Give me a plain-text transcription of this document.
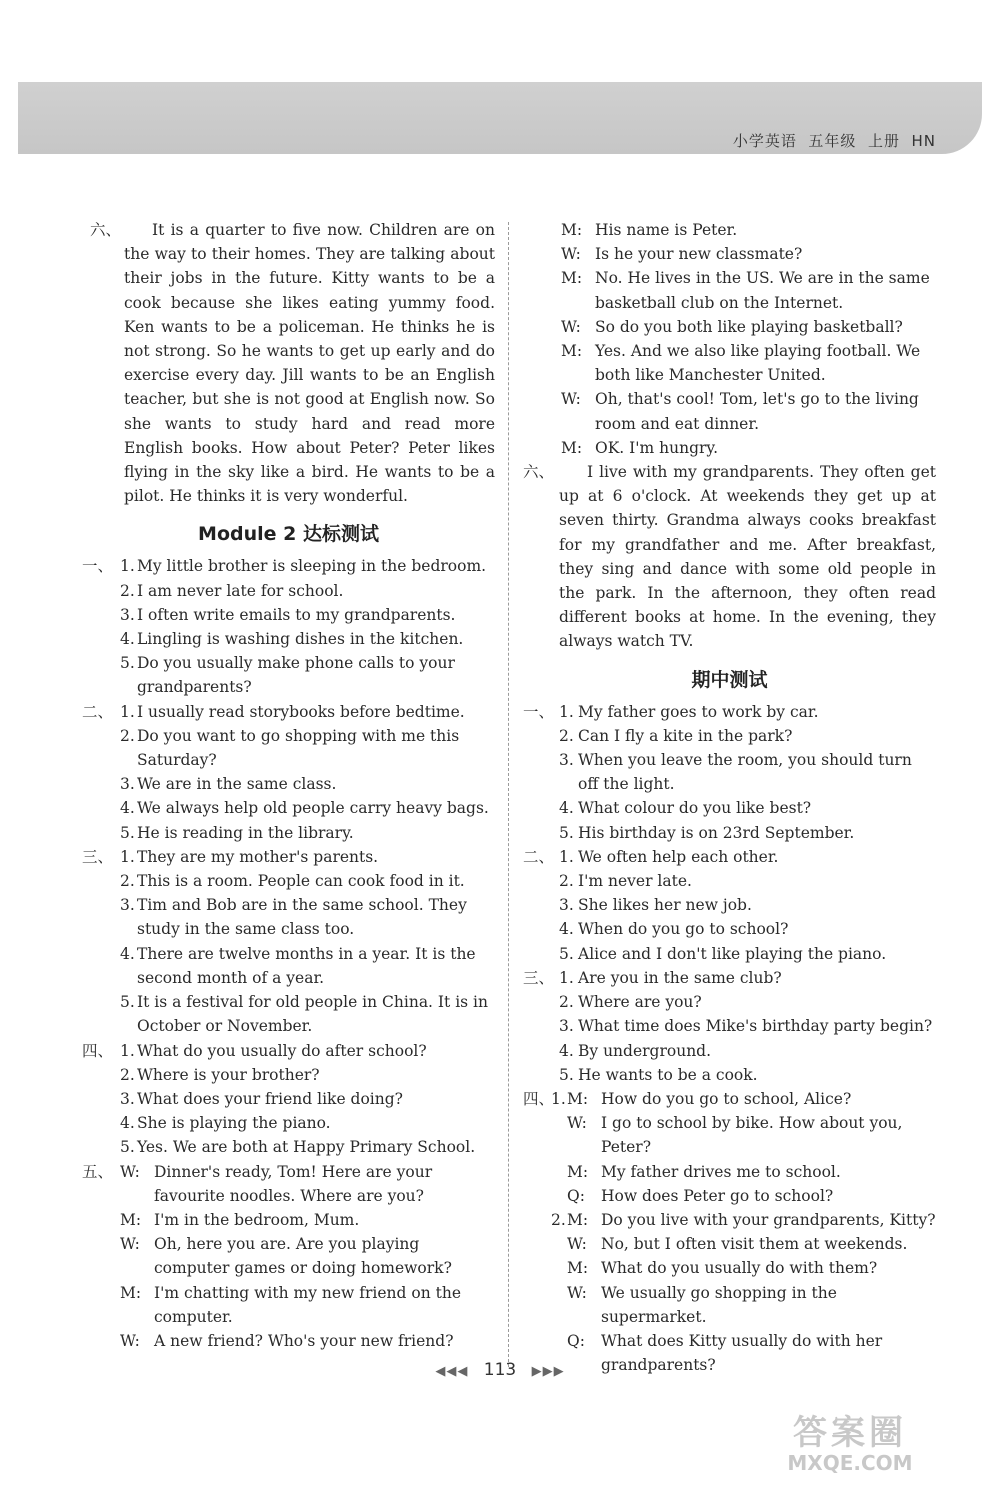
小学英语  五年级  上册  HN
六、 It is a quarter to five now. Children are on the way to their homes. They are talking about their jobs in the future. Kitty wants to be a cook because she likes eating yummy food. Ken wants to be a policeman. He thinks he is not strong. So he wants to get up early and do exercise every day. Jill wants to be an English teacher, but she is not good at English now. So she wants to study hard and read more English books. How about Peter? Peter likes flying in the sky like a bird. He wants to be a pilot. He thinks it is very wonderful.
Module 2 达标测试
一、 1. My little brother is sleeping in the bedroom.
2. I am never late for school.
3. I often write emails to my grandparents.
4. Lingling is washing dishes in the kitchen.
5. Do you usually make phone calls to your grandparents?
二、 1. I usually read storybooks before bedtime.
2. Do you want to go shopping with me this Saturday?
3. We are in the same class.
4. We always help old people carry heavy bags.
5. He is reading in the library.
三、 1. They are my mother's parents.
2. This is a room. People can cook food in it.
3. Tim and Bob are in the same school. They study in the same class too.
4. There are twelve months in a year. It is the second month of a year.
5. It is a festival for old people in China. It is in October or November.
四、 1. What do you usually do after school?
2. Where is your brother?
3. What does your friend like doing?
4. She is playing the piano.
5. Yes. We are both at Happy Primary School.
五、 W: Dinner's ready, Tom! Here are your favourite noodles. Where are you?
M: I'm in the bedroom, Mum.
W: Oh, here you are. Are you playing computer games or doing homework?
M: I'm chatting with my new friend on the computer.
W: A new friend? Who's your new friend?
M: His name is Peter.
W: Is he your new classmate?
M: No. He lives in the US. We are in the same basketball club on the Internet.
W: So do you both like playing basketball?
M: Yes. And we also like playing football. We both like Manchester United.
W: Oh, that's cool! Tom, let's go to the living room and eat dinner.
M: OK. I'm hungry.
六、 I live with my grandparents. They often get up at 6 o'clock. At weekends they get up at seven thirty. Grandma always cooks breakfast for my grandfather and me. After breakfast, they sing and dance with some old people in the park. In the afternoon, they often read different books at home. In the evening, they always watch TV.
期中测试
一、 1. My father goes to work by car.
2. Can I fly a kite in the park?
3. When you leave the room, you should turn off the light.
4. What colour do you like best?
5. His birthday is on 23rd September.
二、 1. We often help each other.
2. I'm never late.
3. She likes her new job.
4. When do you go to school?
5. Alice and I don't like playing the piano.
三、 1. Are you in the same club?
2. Where are you?
3. What time does Mike's birthday party begin?
4. By underground.
5. He wants to be a cook.
四、
1. M: How do you go to school, Alice?
W: I go to school by bike. How about you, Peter?
M: My father drives me to school.
Q: How does Peter go to school?
2. M: Do you live with your grandparents, Kitty?
W: No, but I often visit them at weekends.
M: What do you usually do with them?
W: We usually go shopping in the supermarket.
Q: What does Kitty usually do with her grandparents?
◀◀◀ 113 ▶▶▶
答案圈
MXQE.COM
